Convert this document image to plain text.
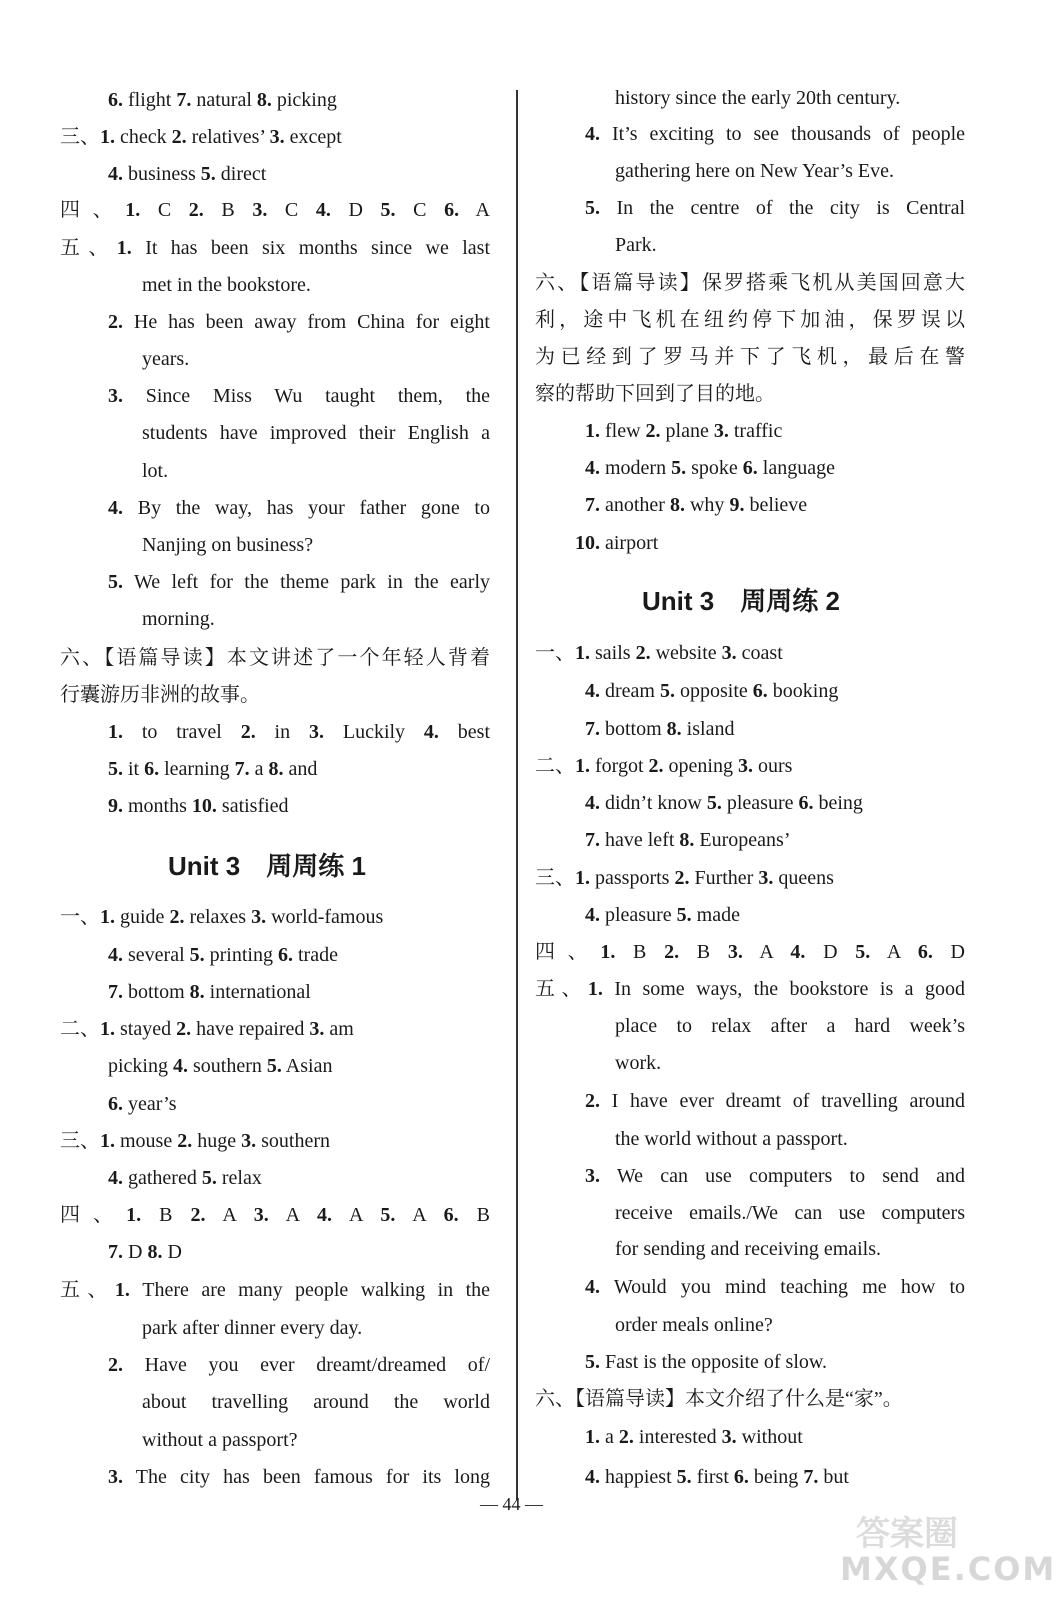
6. flight 7. natural 8. picking
三、1. check 2. relatives’ 3. except
4. business 5. direct
四、1. C 2. B 3. C 4. D 5. C 6. A
五、1. It has been six months since we last
met in the bookstore.
2. He has been away from China for eight
years.
3. Since Miss Wu taught them, the
students have improved their English a
lot.
4. By the way, has your father gone to
Nanjing on business?
5. We left for the theme park in the early
morning.
六、【语篇导读】本文讲述了一个年轻人背着
行囊游历非洲的故事。
1. to travel 2. in 3. Luckily 4. best
5. it 6. learning 7. a 8. and
9. months 10. satisfied
一、1. guide 2. relaxes 3. world-famous
4. several 5. printing 6. trade
7. bottom 8. international
二、1. stayed 2. have repaired 3. am
picking 4. southern 5. Asian
6. year’s
三、1. mouse 2. huge 3. southern
4. gathered 5. relax
四、1. B 2. A 3. A 4. A 5. A 6. B
7. D 8. D
五、1. There are many people walking in the
park after dinner every day.
2. Have you ever dreamt/dreamed of/
about travelling around the world
without a passport?
3. The city has been famous for its long
Unit 3　周周练 1
history since the early 20th century.
4. It’s exciting to see thousands of people
gathering here on New Year’s Eve.
5. In the centre of the city is Central
Park.
六、【语篇导读】保罗搭乘飞机从美国回意大
利，途中飞机在纽约停下加油，保罗误以
为已经到了罗马并下了飞机，最后在警
察的帮助下回到了目的地。
1. flew 2. plane 3. traffic
4. modern 5. spoke 6. language
7. another 8. why 9. believe
10. airport
一、1. sails 2. website 3. coast
4. dream 5. opposite 6. booking
7. bottom 8. island
二、1. forgot 2. opening 3. ours
4. didn’t know 5. pleasure 6. being
7. have left 8. Europeans’
三、1. passports 2. Further 3. queens
4. pleasure 5. made
四、1. B 2. B 3. A 4. D 5. A 6. D
五、1. In some ways, the bookstore is a good
place to relax after a hard week’s
work.
2. I have ever dreamt of travelling around
the world without a passport.
3. We can use computers to send and
receive emails./We can use computers
for sending and receiving emails.
4. Would you mind teaching me how to
order meals online?
5. Fast is the opposite of slow.
六、【语篇导读】本文介绍了什么是“家”。
1. a 2. interested 3. without
4. happiest 5. first 6. being 7. but
Unit 3　周周练 2
— 44 —
答案圈
MXQE.COM
